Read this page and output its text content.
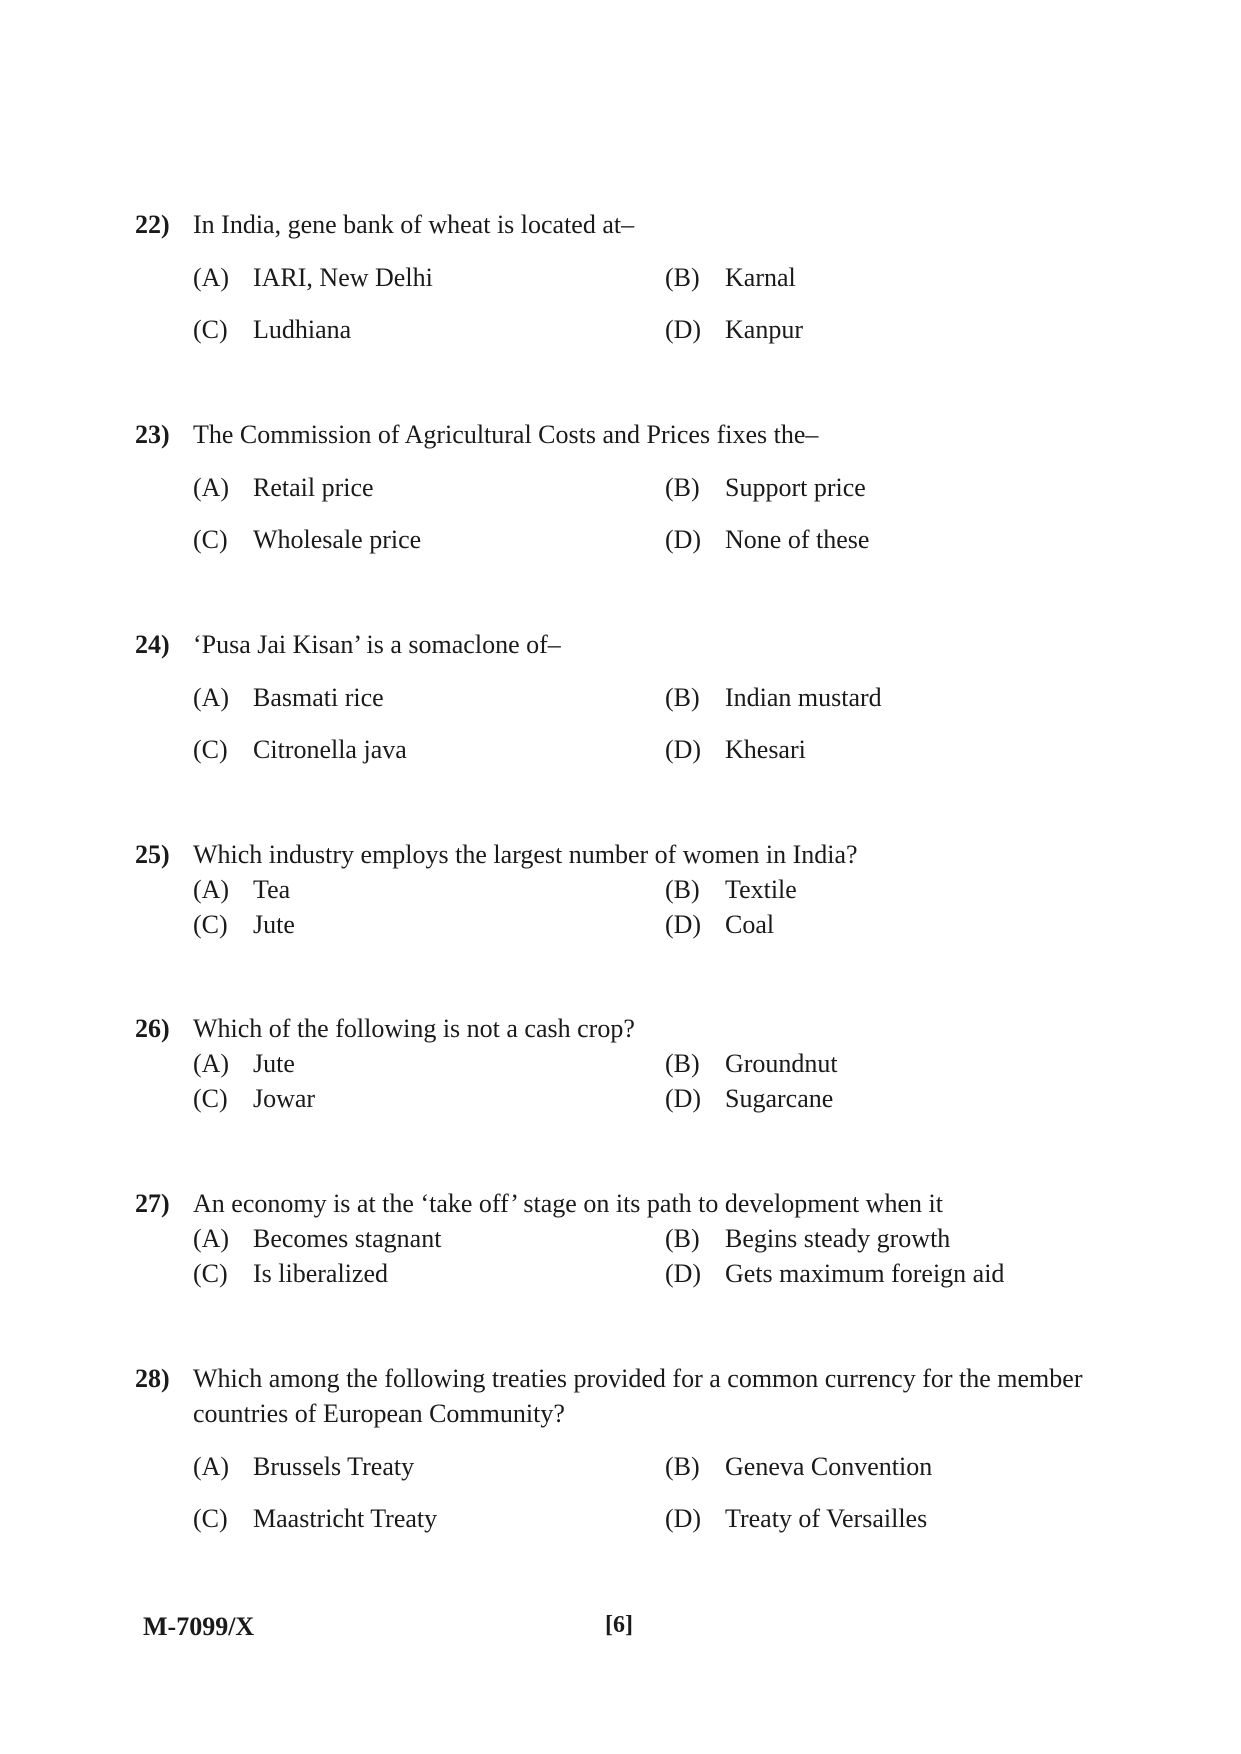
22) In India, gene bank of wheat is located at–
(A) IARI, New Delhi	(B) Karnal
(C) Ludhiana	(D) Kanpur
23) The Commission of Agricultural Costs and Prices fixes the–
(A) Retail price	(B) Support price
(C) Wholesale price	(D) None of these
24) ‘Pusa Jai Kisan’ is a somaclone of–
(A) Basmati rice	(B) Indian mustard
(C) Citronella java	(D) Khesari
25) Which industry employs the largest number of women in India?
(A) Tea	(B) Textile
(C) Jute	(D) Coal
26) Which of the following is not a cash crop?
(A) Jute	(B) Groundnut
(C) Jowar	(D) Sugarcane
27) An economy is at the ‘take off’ stage on its path to development when it
(A) Becomes stagnant	(B) Begins steady growth
(C) Is liberalized	(D) Gets maximum foreign aid
28) Which among the following treaties provided for a common currency for the member countries of European Community?
(A) Brussels Treaty	(B) Geneva Convention
(C) Maastricht Treaty	(D) Treaty of Versailles
M-7099/X	[6]
